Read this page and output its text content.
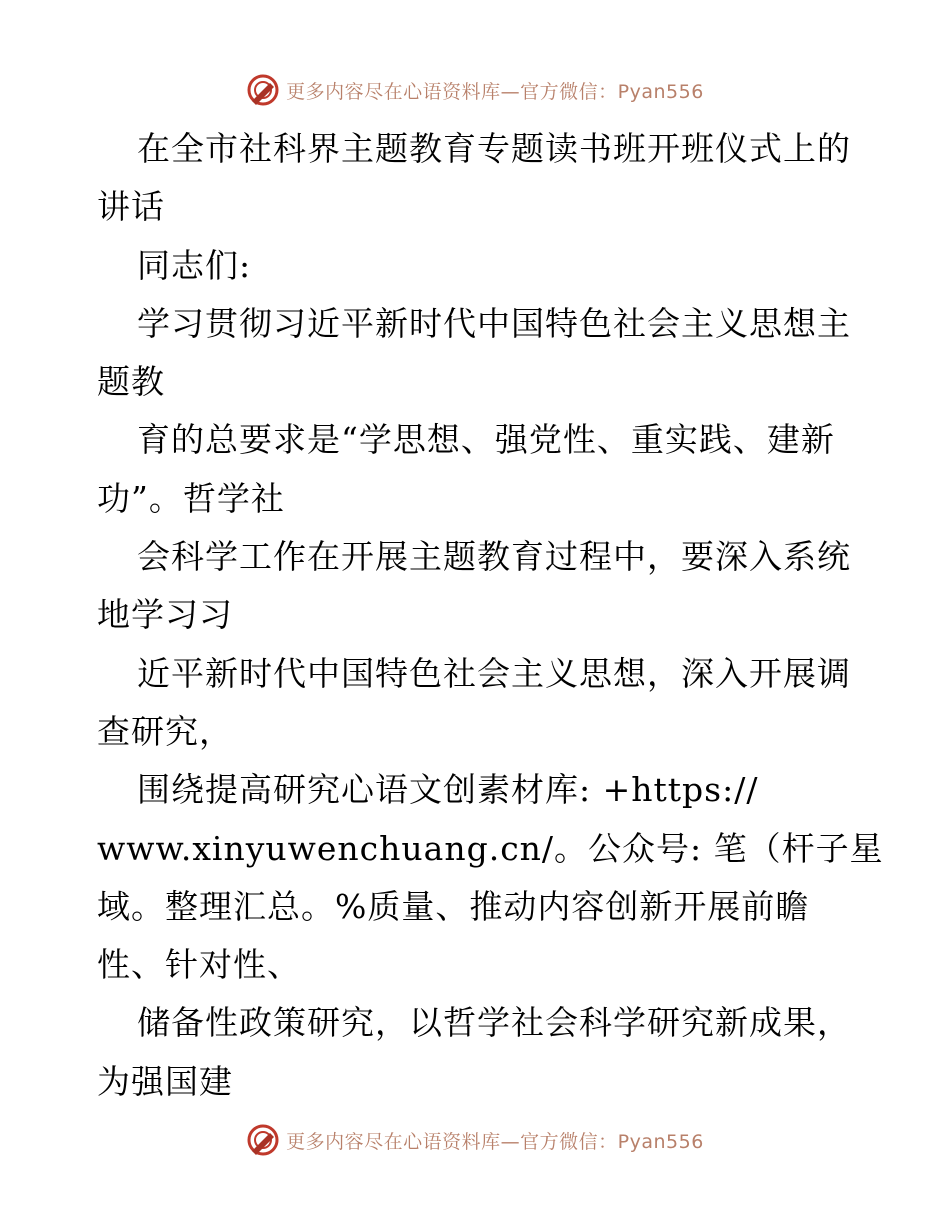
更多内容尽在心语资料库—官方微信：Pyan556
在全市社科界主题教育专题读书班开班仪式上的
讲话
同志们:
学习贯彻习近平新时代中国特色社会主义思想主
题教
育的总要求是“学思想、强党性、重实践、建新
功”。哲学社
会科学工作在开展主题教育过程中，要深入系统
地学习习
近平新时代中国特色社会主义思想，深入开展调
查研究，
围绕提高研究心语文创素材库: +https://
www.xinyuwenchuang.cn/。公众号: 笔（杆子星
域。整理汇总。%质量、推动内容创新开展前瞻
性、针对性、
储备性政策研究，以哲学社会科学研究新成果，
为强国建
更多内容尽在心语资料库—官方微信：Pyan556
